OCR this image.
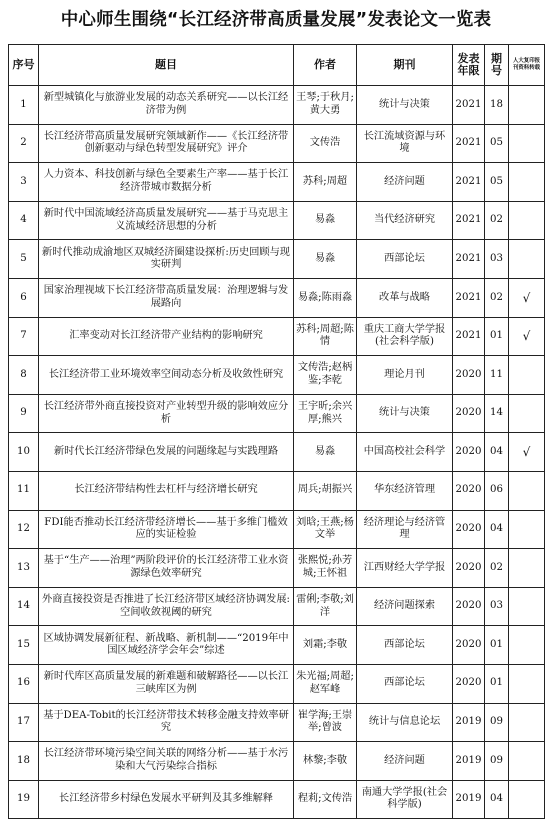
中心师生围绕“长江经济带高质量发展”发表论文一览表
序号	题目	作者	期刊	发表年限	期号	人大复印报刊资料转载
1	新型城镇化与旅游业发展的动态关系研究——以长江经济带为例	王琴;于秋月;黄大勇	统计与决策	2021	18	
2	长江经济带高质量发展研究领域新作——《长江经济带创新驱动与绿色转型发展研究》评介	文传浩	长江流域资源与环境	2021	05	
3	人力资本、科技创新与绿色全要素生产率——基于长江经济带城市数据分析	苏科;周超	经济问题	2021	05	
4	新时代中国流域经济高质量发展研究——基于马克思主义流域经济思想的分析	易淼	当代经济研究	2021	02	
5	新时代推动成渝地区双城经济圈建设探析:历史回顾与现实研判	易淼	西部论坛	2021	03	
6	国家治理视域下长江经济带高质量发展：治理逻辑与发展路向	易淼;陈雨淼	改革与战略	2021	02	√
7	汇率变动对长江经济带产业结构的影响研究	苏科;周超;陈情	重庆工商大学学报(社会科学版)	2021	01	√
8	长江经济带工业环境效率空间动态分析及收敛性研究	文传浩;赵柄鉴;李乾	理论月刊	2020	11	
9	长江经济带外商直接投资对产业转型升级的影响效应分析	王宇昕;余兴厚;熊兴	统计与决策	2020	14	
10	新时代长江经济带绿色发展的问题缘起与实践理路	易淼	中国高校社会科学	2020	04	√
11	长江经济带结构性去杠杆与经济增长研究	周兵;胡振兴	华东经济管理	2020	06	
12	FDI能否推动长江经济带经济增长——基于多维门槛效应的实证检验	刘晗;王燕;杨文举	经济理论与经济管理	2020	04	
13	基于“生产——治理”两阶段评价的长江经济带工业水资源绿色效率研究	张熙悦;孙芳城;王怀祖	江西财经大学学报	2020	02	
14	外商直接投资是否推进了长江经济带区域经济协调发展:空间收敛视阈的研究	雷俐;李敬;刘洋	经济问题探索	2020	03	
15	区域协调发展新征程、新战略、新机制——“2019年中国区域经济学会年会”综述	刘霜;李敬	西部论坛	2020	01	
16	新时代库区高质量发展的新难题和破解路径——以长江三峡库区为例	朱光福;周超;赵军峰	西部论坛	2020	01	
17	基于DEA-Tobit的长江经济带技术转移金融支持效率研究	崔学海;王崇举;曾波	统计与信息论坛	2019	09	
18	长江经济带环境污染空间关联的网络分析——基于水污染和大气污染综合指标	林黎;李敬	经济问题	2019	09	
19	长江经济带乡村绿色发展水平研判及其多维解释	程莉;文传浩	南通大学学报(社会科学版)	2019	04	
